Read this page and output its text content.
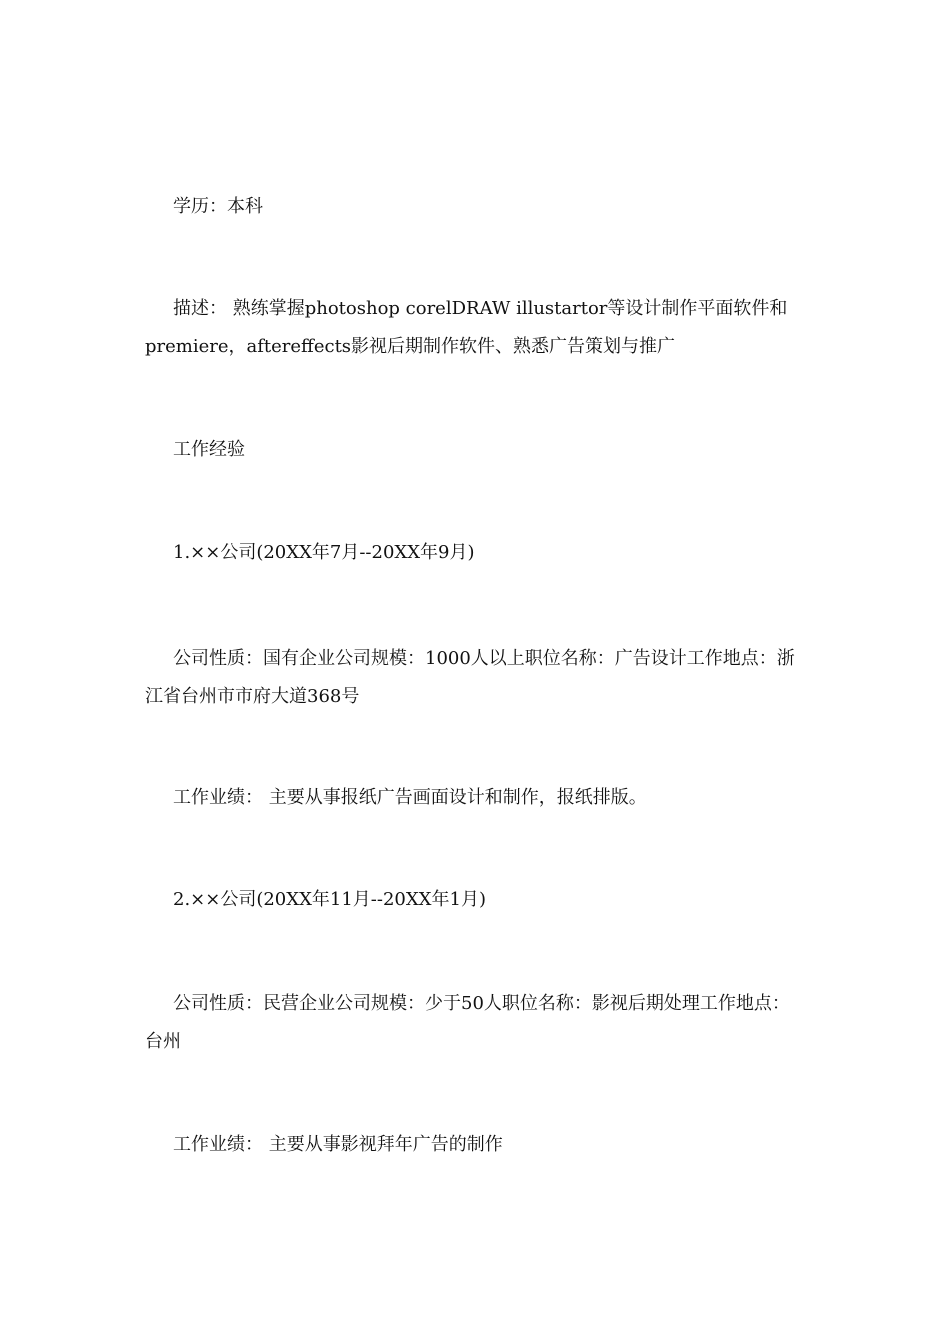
学历：本科

描述： 熟练掌握photoshop corelDRAW illustartor等设计制作平面软件和premiere，aftereffects影视后期制作软件、熟悉广告策划与推广

工作经验

1.××公司(20XX年7月--20XX年9月)

公司性质：国有企业公司规模：1000人以上职位名称：广告设计工作地点：浙江省台州市市府大道368号

工作业绩： 主要从事报纸广告画面设计和制作，报纸排版。

2.××公司(20XX年11月--20XX年1月)

公司性质：民营企业公司规模：少于50人职位名称：影视后期处理工作地点：台州

工作业绩： 主要从事影视拜年广告的制作
